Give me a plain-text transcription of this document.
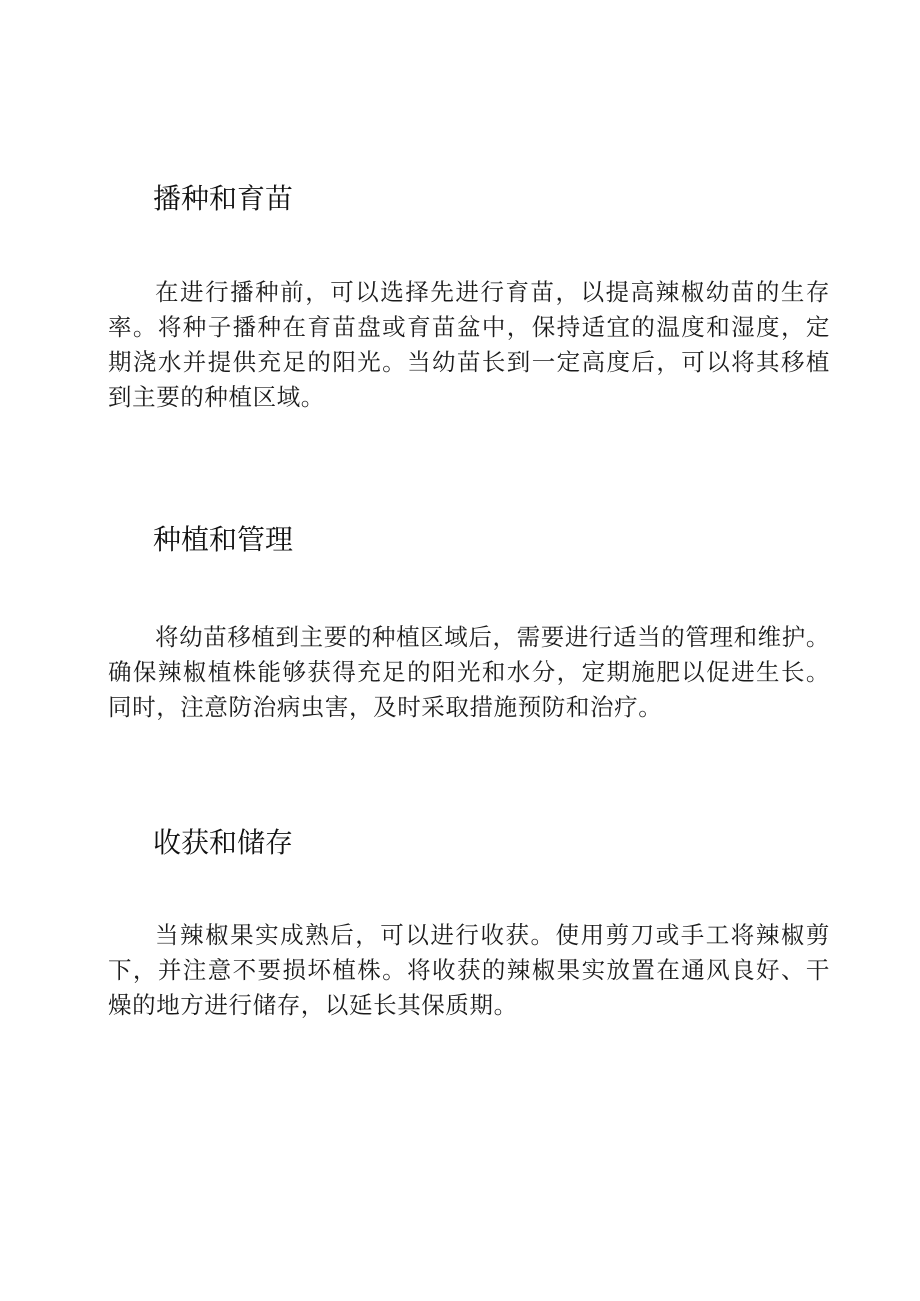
播种和育苗

在进行播种前，可以选择先进行育苗，以提高辣椒幼苗的生存率。将种子播种在育苗盘或育苗盆中，保持适宜的温度和湿度，定期浇水并提供充足的阳光。当幼苗长到一定高度后，可以将其移植到主要的种植区域。

种植和管理

将幼苗移植到主要的种植区域后，需要进行适当的管理和维护。确保辣椒植株能够获得充足的阳光和水分，定期施肥以促进生长。同时，注意防治病虫害，及时采取措施预防和治疗。

收获和储存

当辣椒果实成熟后，可以进行收获。使用剪刀或手工将辣椒剪下，并注意不要损坏植株。将收获的辣椒果实放置在通风良好、干燥的地方进行储存，以延长其保质期。
